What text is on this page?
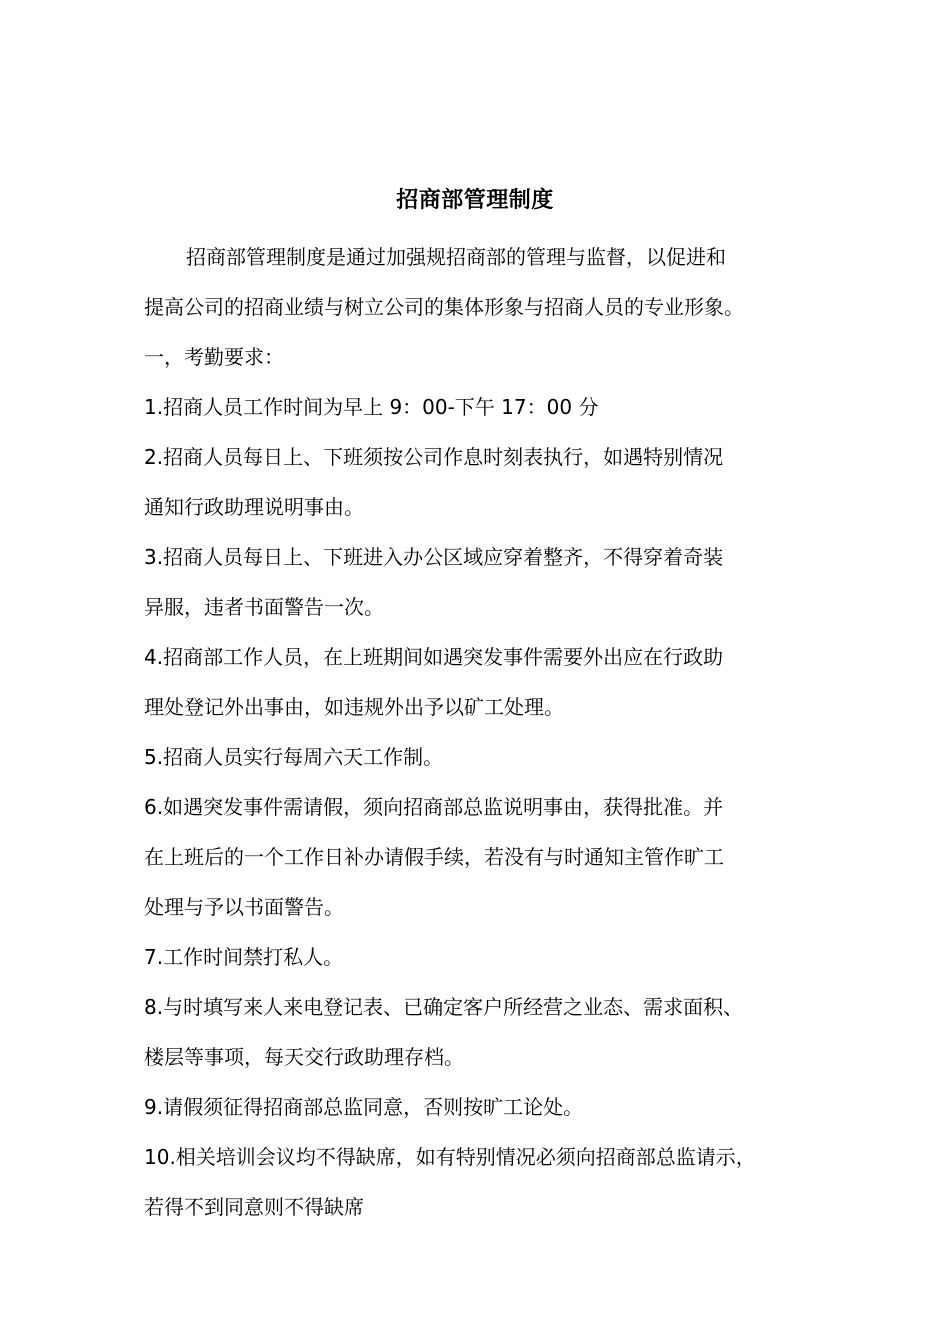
招商部管理制度
招商部管理制度是通过加强规招商部的管理与监督，以促进和
提高公司的招商业绩与树立公司的集体形象与招商人员的专业形象。
一，考勤要求：
1.招商人员工作时间为早上 9：00-下午 17：00 分
2.招商人员每日上、下班须按公司作息时刻表执行，如遇特别情况
通知行政助理说明事由。
3.招商人员每日上、下班进入办公区域应穿着整齐，不得穿着奇装
异服，违者书面警告一次。
4.招商部工作人员，在上班期间如遇突发事件需要外出应在行政助
理处登记外出事由，如违规外出予以矿工处理。
5.招商人员实行每周六天工作制。
6.如遇突发事件需请假，须向招商部总监说明事由，获得批准。并
在上班后的一个工作日补办请假手续，若没有与时通知主管作旷工
处理与予以书面警告。
7.工作时间禁打私人。
8.与时填写来人来电登记表、已确定客户所经营之业态、需求面积、
楼层等事项，每天交行政助理存档。
9.请假须征得招商部总监同意，否则按旷工论处。
10.相关培训会议均不得缺席，如有特别情况必须向招商部总监请示，
若得不到同意则不得缺席
